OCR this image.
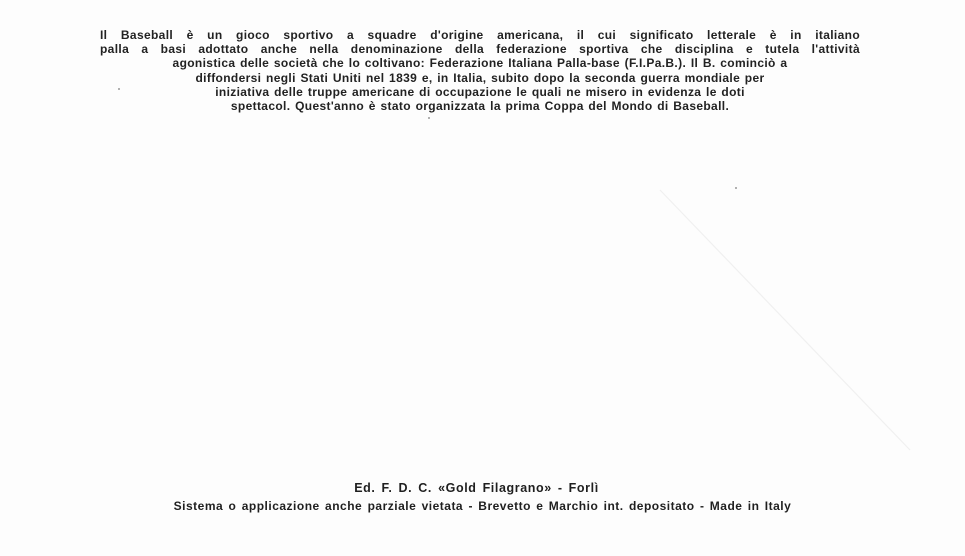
Il Baseball è un gioco sportivo a squadre d'origine americana, il cui significato letterale è in italiano
palla a basi adottato anche nella denominazione della federazione sportiva che disciplina e tutela l'attività
agonistica delle società che lo coltivano: Federazione Italiana Palla-base (F.I.Pa.B.). Il B. cominciò a
diffondersi negli Stati Uniti nel 1839 e, in Italia, subito dopo la seconda guerra mondiale per
iniziativa delle truppe americane di occupazione le quali ne misero in evidenza le doti
spettacol. Quest'anno è stato organizzata la prima Coppa del Mondo di Baseball.
Ed. F. D. C. «Gold Filagrano» - Forlì
Sistema o applicazione anche parziale vietata - Brevetto e Marchio int. depositato - Made in Italy
